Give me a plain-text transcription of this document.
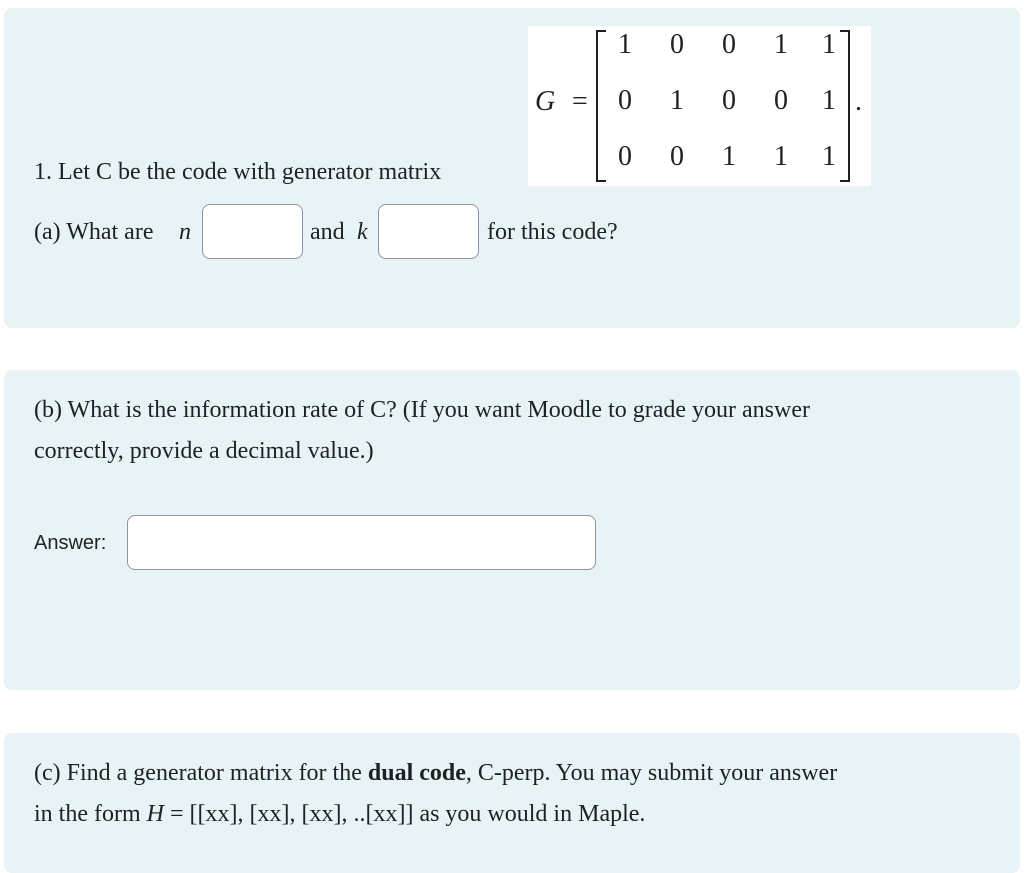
1. Let C be the code with generator matrix
G =	.
1 0 0 1 1
0 1 0 0 1
0 0 1 1 1
(a) What are n	and k	for this code?
(b) What is the information rate of C? (If you want Moodle to grade your answer
correctly, provide a decimal value.)
Answer:
(c) Find a generator matrix for the dual code, C-perp. You may submit your answer
in the form H = [[xx], [xx], [xx], ..[xx]] as you would in Maple.
